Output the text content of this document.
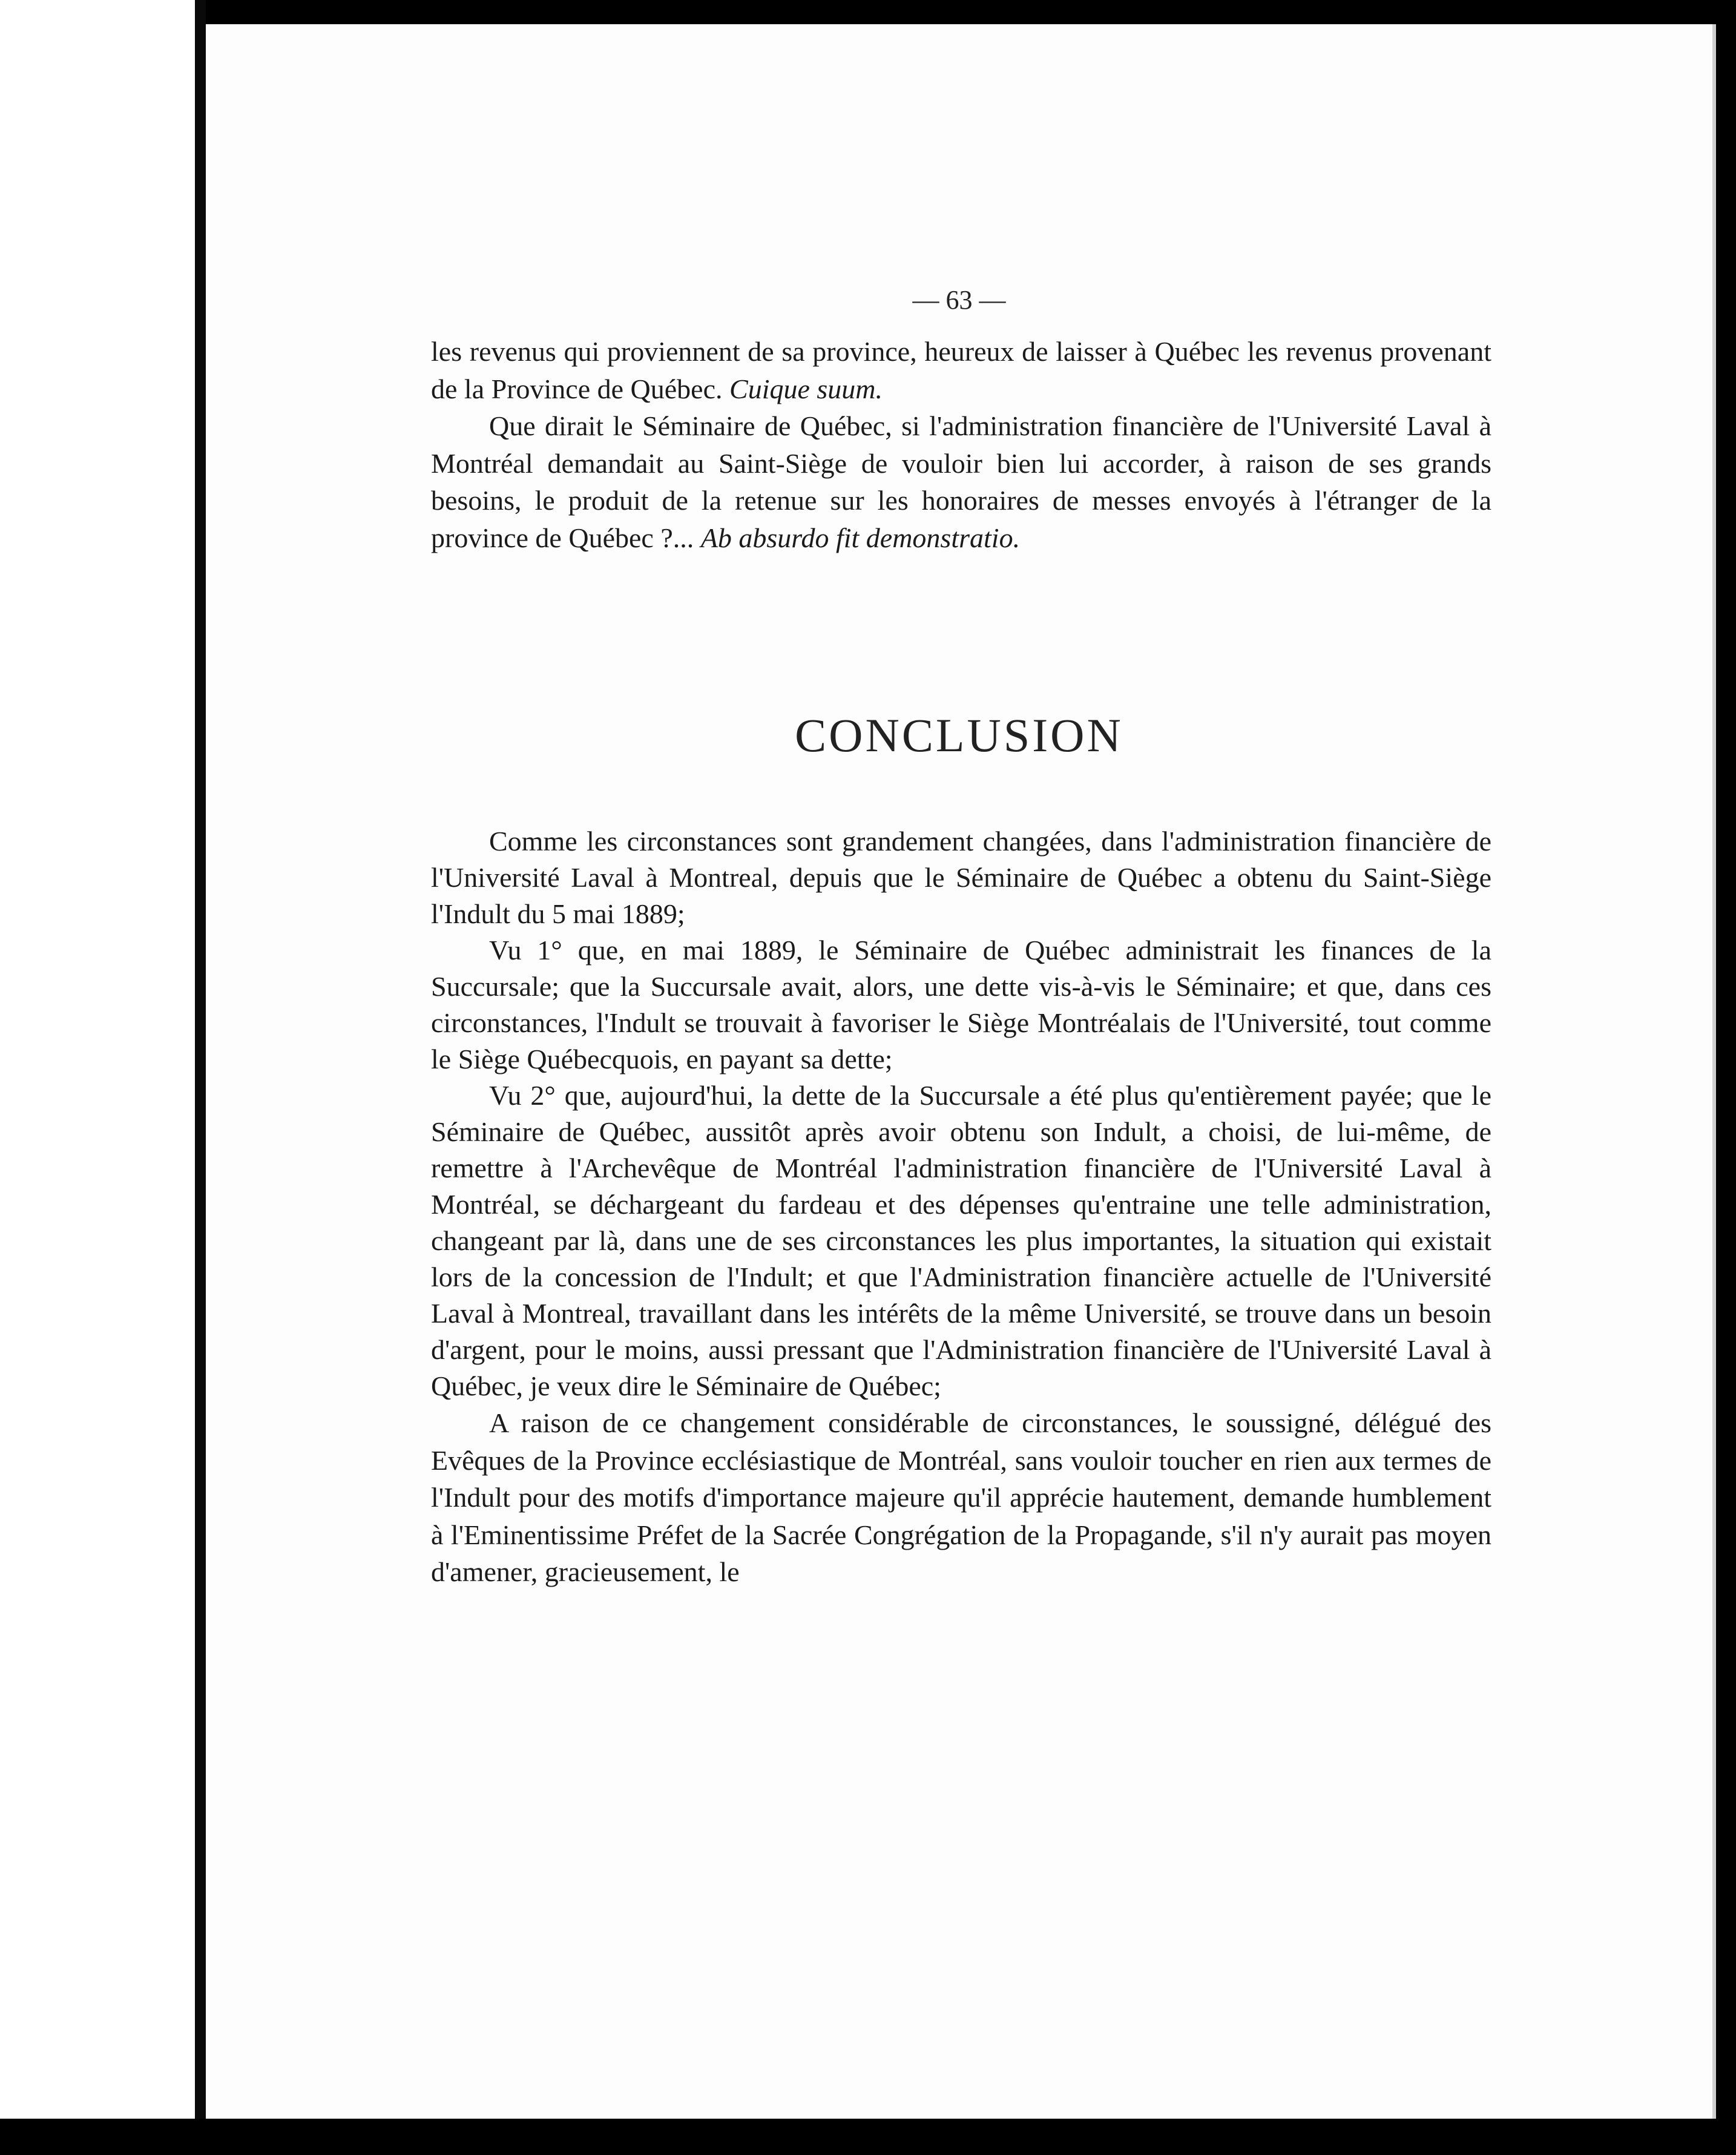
— 63 —

les revenus qui proviennent de sa province, heureux de laisser à Québec les revenus provenant de la Province de Québec. Cuique suum.

Que dirait le Séminaire de Québec, si l'administration financière de l'Université Laval à Montréal demandait au Saint-Siège de vouloir bien lui accorder, à raison de ses grands besoins, le produit de la retenue sur les honoraires de messes envoyés à l'étranger de la province de Québec ?... Ab absurdo fit demonstratio.

CONCLUSION

Comme les circonstances sont grandement changées, dans l'administration financière de l'Université Laval à Montreal, depuis que le Séminaire de Québec a obtenu du Saint-Siège l'Indult du 5 mai 1889;

Vu 1° que, en mai 1889, le Séminaire de Québec administrait les finances de la Succursale; que la Succursale avait, alors, une dette vis-à-vis le Séminaire; et que, dans ces circonstances, l'Indult se trouvait à favoriser le Siège Montréalais de l'Université, tout comme le Siège Québecquois, en payant sa dette;

Vu 2° que, aujourd'hui, la dette de la Succursale a été plus qu'entièrement payée; que le Séminaire de Québec, aussitôt après avoir obtenu son Indult, a choisi, de lui-même, de remettre à l'Archevêque de Montréal l'administration financière de l'Université Laval à Montréal, se déchargeant du fardeau et des dépenses qu'entraine une telle administration, changeant par là, dans une de ses circonstances les plus importantes, la situation qui existait lors de la concession de l'Indult; et que l'Administration financière actuelle de l'Université Laval à Montreal, travaillant dans les intérêts de la même Université, se trouve dans un besoin d'argent, pour le moins, aussi pressant que l'Administration financière de l'Université Laval à Québec, je veux dire le Séminaire de Québec;

A raison de ce changement considérable de circonstances, le soussigné, délégué des Evêques de la Province ecclésiastique de Montréal, sans vouloir toucher en rien aux termes de l'Indult pour des motifs d'importance majeure qu'il apprécie hautement, demande humblement à l'Eminentissime Préfet de la Sacrée Congrégation de la Propagande, s'il n'y aurait pas moyen d'amener, gracieusement, le
